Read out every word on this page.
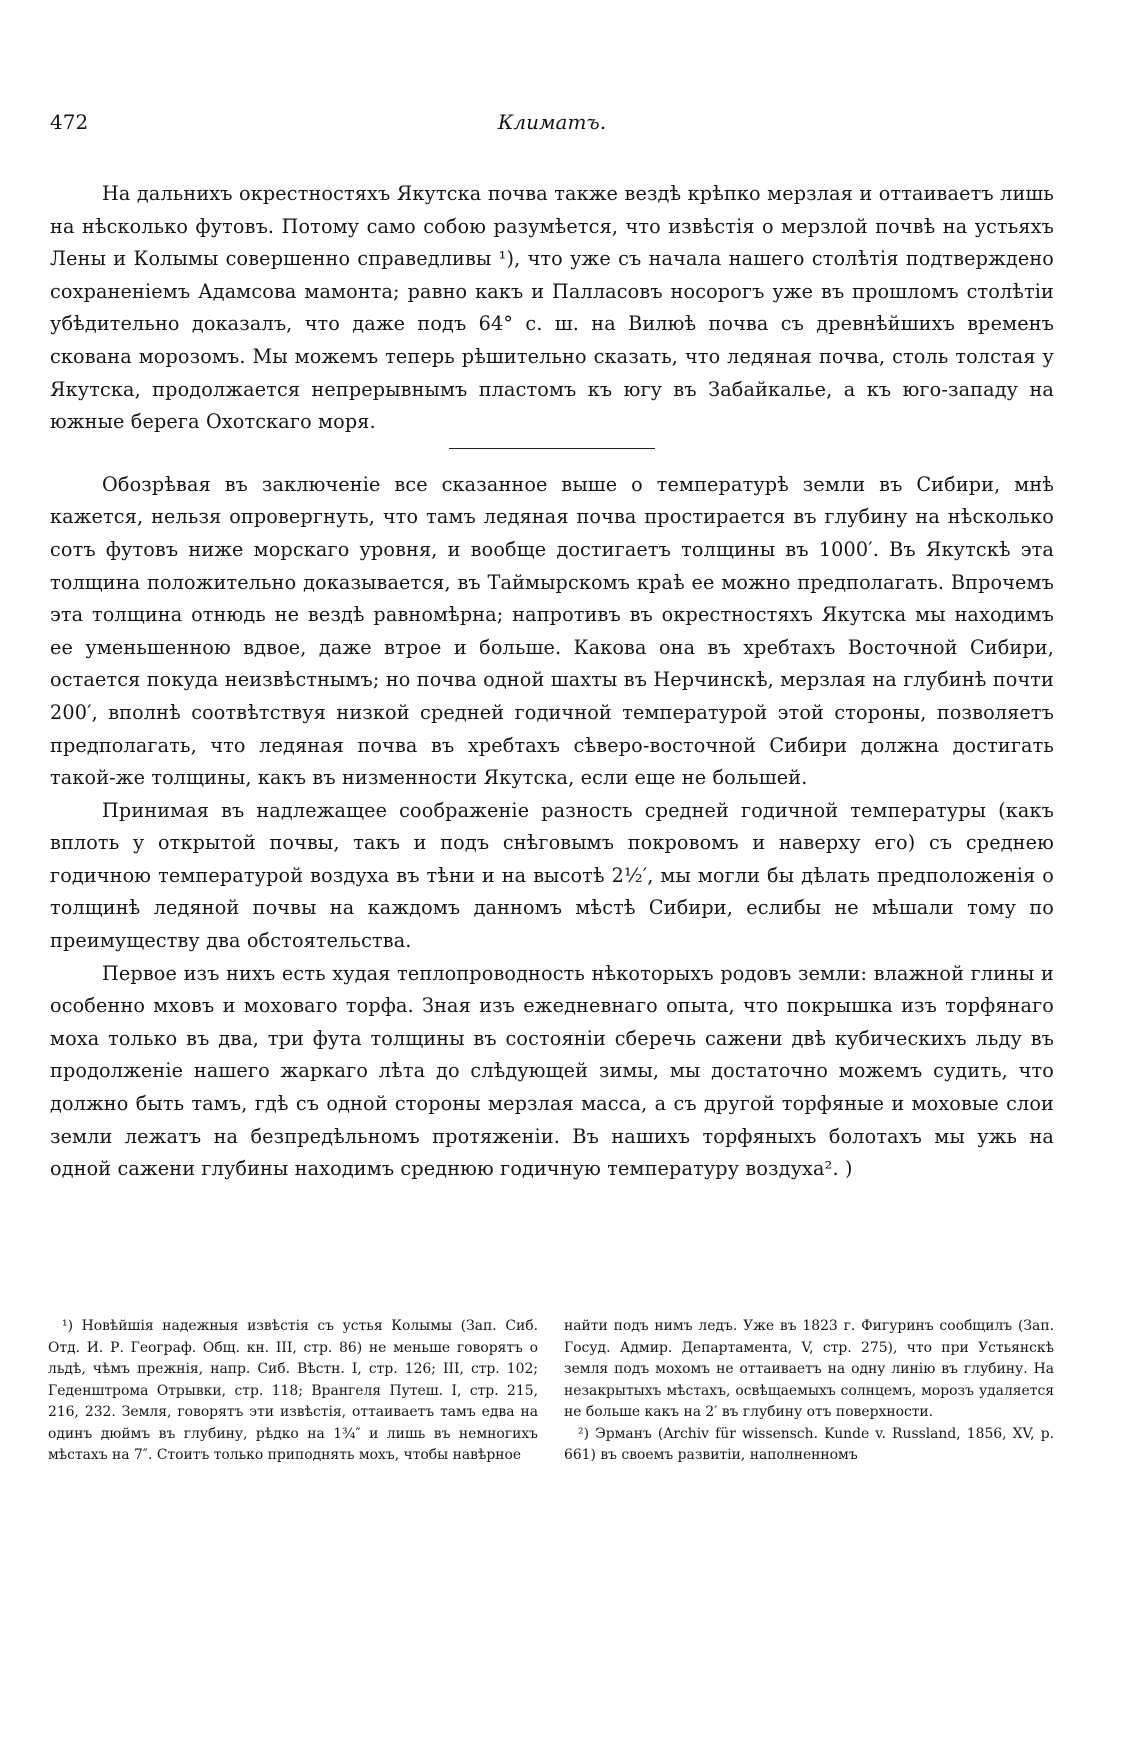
472	Климатъ.

На дальнихъ окрестностяхъ Якутска почва также вездѣ крѣпко мерзлая и оттаиваетъ лишь на нѣсколько футовъ. Потому само собою разумѣется, что извѣстія о мерзлой почвѣ на устьяхъ Лены и Колымы совершенно справедливы ¹), что уже съ начала нашего столѣтія подтверждено сохраненіемъ Адамсова мамонта; равно какъ и Палласовъ носорогъ уже въ прошломъ столѣтіи убѣдительно доказалъ, что даже подъ 64° с. ш. на Вилюѣ почва съ древнѣйшихъ временъ скована морозомъ. Мы можемъ теперь рѣшительно сказать, что ледяная почва, столь толстая у Якутска, продолжается непрерывнымъ пластомъ къ югу въ Забайкалье, а къ юго-западу на южные берега Охотскаго моря.

Обозрѣвая въ заключеніе все сказанное выше о температурѣ земли въ Сибири, мнѣ кажется, нельзя опровергнуть, что тамъ ледяная почва простирается въ глубину на нѣсколько сотъ футовъ ниже морскаго уровня, и вообще достигаетъ толщины въ 1000′. Въ Якутскѣ эта толщина положительно доказывается, въ Таймырскомъ краѣ ее можно предполагать. Впрочемъ эта толщина отнюдь не вездѣ равномѣрна; напротивъ въ окрестностяхъ Якутска мы находимъ ее уменьшенною вдвое, даже втрое и больше. Какова она въ хребтахъ Восточной Сибири, остается покуда неизвѣстнымъ; но почва одной шахты въ Нерчинскѣ, мерзлая на глубинѣ почти 200′, вполнѣ соотвѣтствуя низкой средней годичной температурой этой стороны, позволяетъ предполагать, что ледяная почва въ хребтахъ сѣверо-восточной Сибири должна достигать такой-же толщины, какъ въ низменности Якутска, если еще не большей.

Принимая въ надлежащее соображеніе разность средней годичной температуры (какъ вплоть у открытой почвы, такъ и подъ снѣговымъ покровомъ и наверху его) съ среднею годичною температурой воздуха въ тѣни и на высотѣ 2½′, мы могли бы дѣлать предположенія о толщинѣ ледяной почвы на каждомъ данномъ мѣстѣ Сибири, еслибы не мѣшали тому по преимуществу два обстоятельства.

Первое изъ нихъ есть худая теплопроводность нѣкоторыхъ родовъ земли: влажной глины и особенно мховъ и моховаго торфа. Зная изъ ежедневнаго опыта, что покрышка изъ торфянаго моха только въ два, три фута толщины въ состояніи сберечь сажени двѣ кубическихъ льду въ продолженіе нашего жаркаго лѣта до слѣдующей зимы, мы достаточно можемъ судить, что должно быть тамъ, гдѣ съ одной стороны мерзлая масса, а съ другой торфяные и моховые слои земли лежатъ на безпредѣльномъ протяженіи. Въ нашихъ торфяныхъ болотахъ мы ужь на одной сажени глубины находимъ среднюю годичную температуру воздуха². )

¹) Новѣйшія надежныя извѣстія съ устья Колымы (Зап. Сиб. Отд. И. Р. Географ. Общ. кн. III, стр. 86) не меньше говорятъ о льдѣ, чѣмъ прежнія, напр. Сиб. Вѣстн. I, стр. 126; III, стр. 102; Геденштрома Отрывки, стр. 118; Врангеля Путеш. I, стр. 215, 216, 232. Земля, говорятъ эти извѣстія, оттаиваетъ тамъ едва на одинъ дюймъ въ глубину, рѣдко на 1¾″ и лишь въ немногихъ мѣстахъ на 7″. Стоитъ только приподнять мохъ, чтобы навѣрное

найти подъ нимъ ледъ. Уже въ 1823 г. Фигуринъ сообщилъ (Зап. Госуд. Адмир. Департамента, V, стр. 275), что при Устьянскѣ земля подъ мохомъ не оттаиваетъ на одну линію въ глубину. На незакрытыхъ мѣстахъ, освѣщаемыхъ солнцемъ, морозъ удаляется не больше какъ на 2′ въ глубину отъ поверхности.

²) Эрманъ (Archiv für wissensch. Kunde v. Russland, 1856, XV, p. 661) въ своемъ развитіи, наполненномъ
